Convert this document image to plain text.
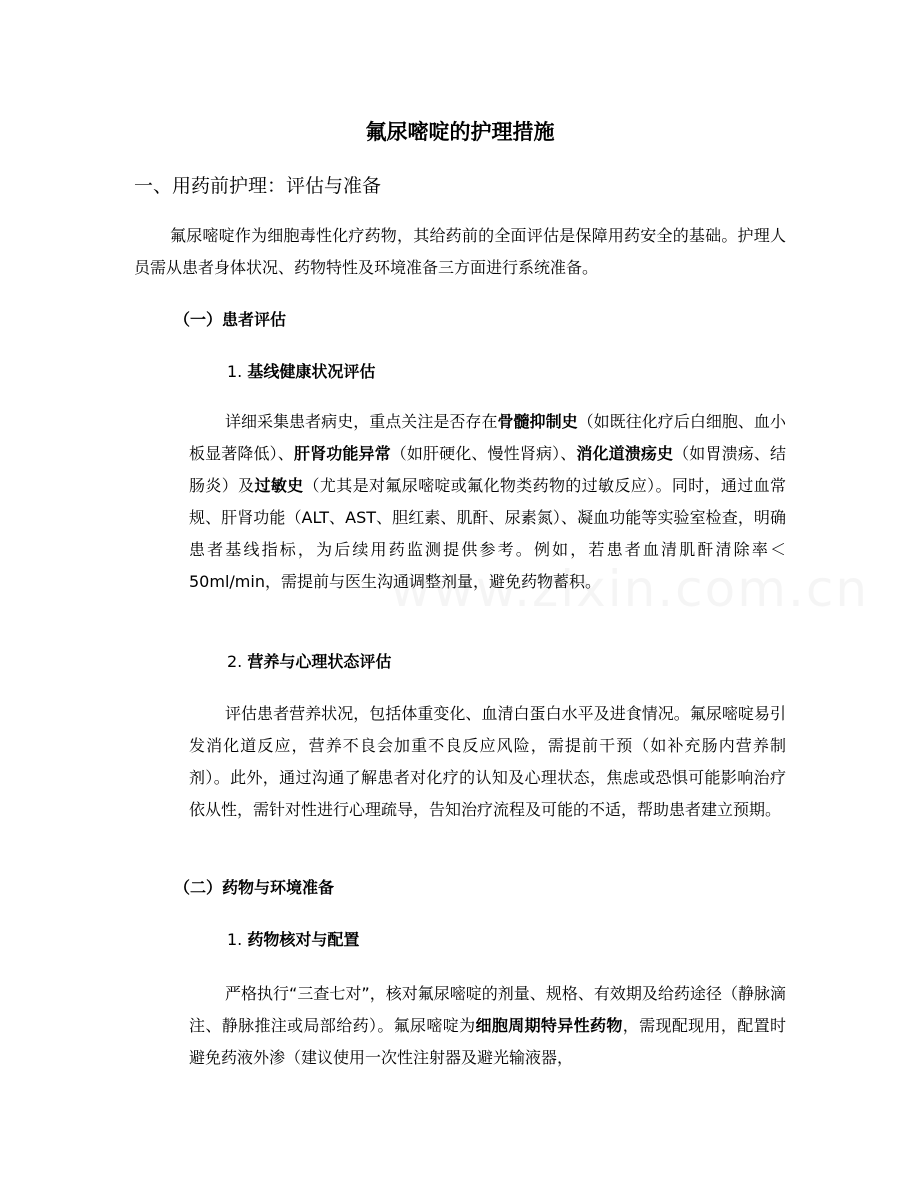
氟尿嘧啶的护理措施
一、用药前护理：评估与准备

氟尿嘧啶作为细胞毒性化疗药物，其给药前的全面评估是保障用药安全的基础。护理人员需从患者身体状况、药物特性及环境准备三方面进行系统准备。

（一）患者评估
1. 基线健康状况评估

详细采集患者病史，重点关注是否存在骨髓抑制史（如既往化疗后白细胞、血小板显著降低）、肝肾功能异常（如肝硬化、慢性肾病）、消化道溃疡史（如胃溃疡、结肠炎）及过敏史（尤其是对氟尿嘧啶或氟化物类药物的过敏反应）。同时，通过血常规、肝肾功能（ALT、AST、胆红素、肌酐、尿素氮）、凝血功能等实验室检查，明确患者基线指标，为后续用药监测提供参考。例如，若患者血清肌酐清除率＜50ml/min，需提前与医生沟通调整剂量，避免药物蓄积。

2. 营养与心理状态评估

评估患者营养状况，包括体重变化、血清白蛋白水平及进食情况。氟尿嘧啶易引发消化道反应，营养不良会加重不良反应风险，需提前干预（如补充肠内营养制剂）。此外，通过沟通了解患者对化疗的认知及心理状态，焦虑或恐惧可能影响治疗依从性，需针对性进行心理疏导，告知治疗流程及可能的不适，帮助患者建立预期。

（二）药物与环境准备
1. 药物核对与配置

严格执行“三查七对”，核对氟尿嘧啶的剂量、规格、有效期及给药途径（静脉滴注、静脉推注或局部给药）。氟尿嘧啶为细胞周期特异性药物，需现配现用，配置时避免药液外渗（建议使用一次性注射器及避光输液器，
